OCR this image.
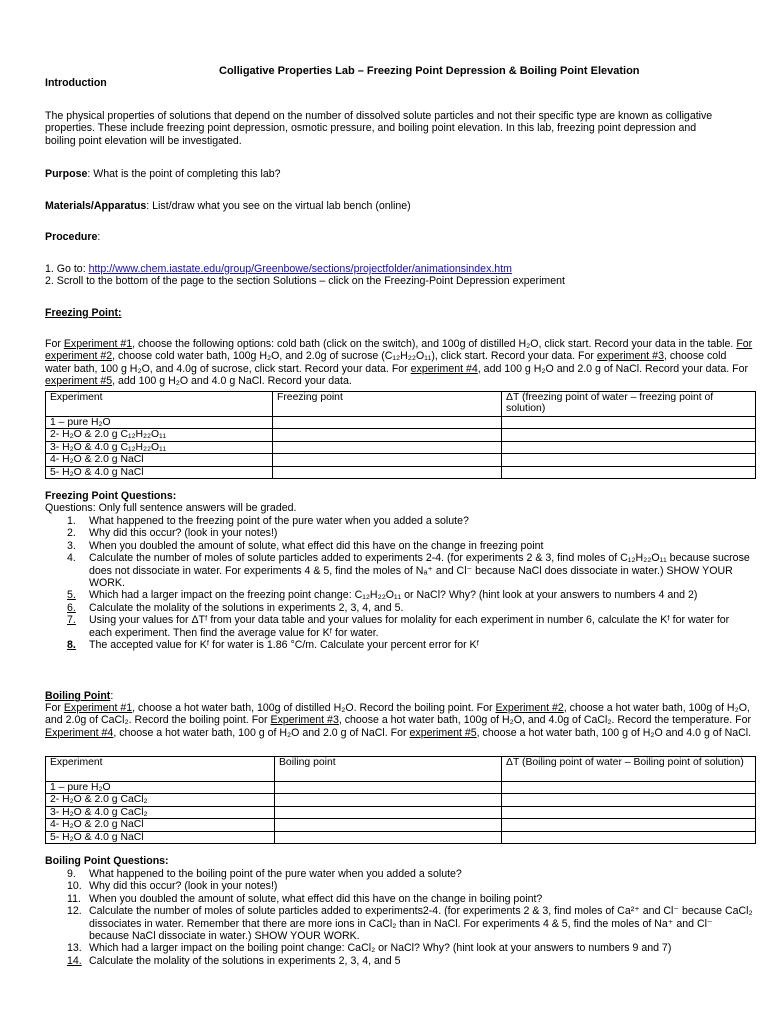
Colligative Properties Lab – Freezing Point Depression & Boiling Point Elevation
Introduction
The physical properties of solutions that depend on the number of dissolved solute particles and not their specific type are known as colligative properties. These include freezing point depression, osmotic pressure, and boiling point elevation. In this lab, freezing point depression and boiling point elevation will be investigated.
Purpose: What is the point of completing this lab?
Materials/Apparatus: List/draw what you see on the virtual lab bench (online)
Procedure:
1. Go to: http://www.chem.iastate.edu/group/Greenbowe/sections/projectfolder/animationsindex.htm
2. Scroll to the bottom of the page to the section Solutions – click on the Freezing-Point Depression experiment
Freezing Point:
For Experiment #1, choose the following options: cold bath (click on the switch), and 100g of distilled H₂O, click start. Record your data in the table. For experiment #2, choose cold water bath, 100g H₂O, and 2.0g of sucrose (C₁₂H₂₂O₁₁), click start. Record your data. For experiment #3, choose cold water bath, 100 g H₂O, and 4.0g of sucrose, click start. Record your data. For experiment #4, add 100 g H₂O and 2.0 g of NaCl. Record your data. For experiment #5, add 100 g H₂O and 4.0 g NaCl. Record your data.
Experiment	Freezing point	ΔT (freezing point of water – freezing point of solution)
1 – pure H₂O		
2- H₂O & 2.0 g C₁₂H₂₂O₁₁		
3- H₂O & 4.0 g C₁₂H₂₂O₁₁		
4- H₂O & 2.0 g NaCl		
5- H₂O & 4.0 g NaCl		
Freezing Point Questions:
Questions: Only full sentence answers will be graded.
1. What happened to the freezing point of the pure water when you added a solute?
2. Why did this occur? (look in your notes!)
3. When you doubled the amount of solute, what effect did this have on the change in freezing point
4. Calculate the number of moles of solute particles added to experiments 2-4. (for experiments 2 & 3, find moles of C₁₂H₂₂O₁₁ because sucrose does not dissociate in water. For experiments 4 & 5, find the moles of Nₐ⁺ and Cl⁻ because NaCl does dissociate in water.) SHOW YOUR WORK.
5. Which had a larger impact on the freezing point change: C₁₂H₂₂O₁₁ or NaCl? Why? (hint look at your answers to numbers 4 and 2)
6. Calculate the molality of the solutions in experiments 2, 3, 4, and 5.
7. Using your values for ΔTᶠ from your data table and your values for molality for each experiment in number 6, calculate the Kᶠ for water for each experiment. Then find the average value for Kᶠ for water.
8. The accepted value for Kᶠ for water is 1.86 °C/m. Calculate your percent error for Kᶠ
Boiling Point:
For Experiment #1, choose a hot water bath, 100g of distilled H₂O. Record the boiling point. For Experiment #2, choose a hot water bath, 100g of H₂O, and 2.0g of CaCl₂. Record the boiling point. For Experiment #3, choose a hot water bath, 100g of H₂O, and 4.0g of CaCl₂. Record the temperature. For Experiment #4, choose a hot water bath, 100 g of H₂O and 2.0 g of NaCl. For experiment #5, choose a hot water bath, 100 g of H₂O and 4.0 g of NaCl.
Experiment	Boiling point	ΔT (Boiling point of water – Boiling point of solution)
1 – pure H₂O		
2- H₂O & 2.0 g CaCl₂		
3- H₂O & 4.0 g CaCl₂		
4- H₂O & 2.0 g NaCl		
5- H₂O & 4.0 g NaCl		
Boiling Point Questions:
9. What happened to the boiling point of the pure water when you added a solute?
10. Why did this occur? (look in your notes!)
11. When you doubled the amount of solute, what effect did this have on the change in boiling point?
12. Calculate the number of moles of solute particles added to experiments2-4. (for experiments 2 & 3, find moles of Ca²⁺ and Cl⁻ because CaCl₂ dissociates in water. Remember that there are more ions in CaCl₂ than in NaCl. For experiments 4 & 5, find the moles of Na⁺ and Cl⁻ because NaCl dissociate in water.) SHOW YOUR WORK.
13. Which had a larger impact on the boiling point change: CaCl₂ or NaCl? Why? (hint look at your answers to numbers 9 and 7)
14. Calculate the molality of the solutions in experiments 2, 3, 4, and 5
